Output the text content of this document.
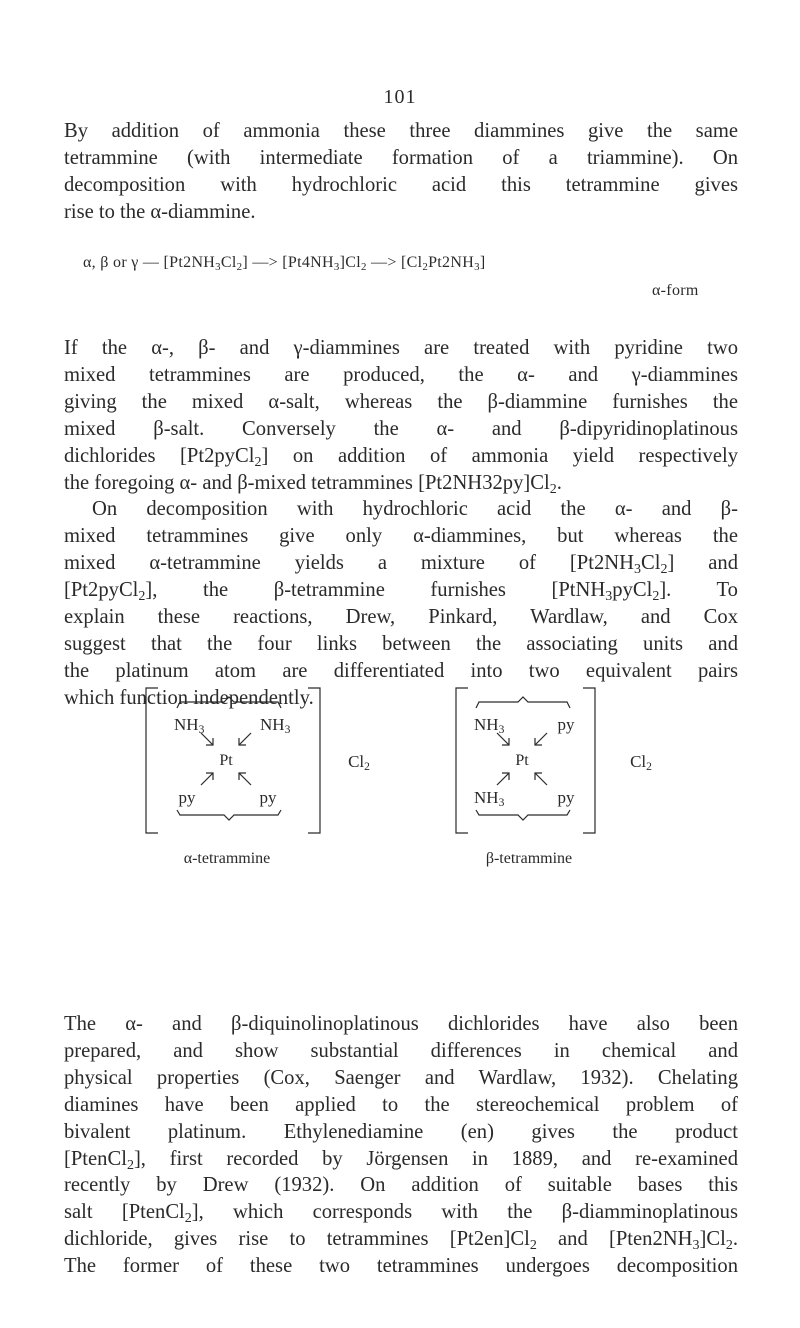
101
By addition of ammonia these three diammines give the same
tetrammine (with intermediate formation of a triammine). On
decomposition with hydrochloric acid this tetrammine gives
rise to the α-diammine.
α, β or γ — $[Pt2NH_3Cl_2]$ —> $[Pt4NH_3]Cl_2$ —> $[Cl_2Pt2NH_3]$
α-form
If the α-, β- and γ-diammines are treated with pyridine two
mixed tetrammines are produced, the α- and γ-diammines
giving the mixed α-salt, whereas the β-diammine furnishes the
mixed β-salt. Conversely the α- and β-dipyridinoplatinous
dichlorides [Pt2pyCl$_2$] on addition of ammonia yield respectively
the foregoing α- and β-mixed tetrammines $[Pt2NH32py]Cl_2$.
On decomposition with hydrochloric acid the α- and β-
mixed tetrammines give only α-diammines, but whereas the
mixed α-tetrammine yields a mixture of $[Pt2NH_3Cl_2]$ and
[Pt2pyCl$_2$], the β-tetrammine furnishes [PtNH$_3$pyCl$_2$]. To
explain these reactions, Drew, Pinkard, Wardlaw, and Cox
suggest that the four links between the associating units and
the platinum atom are differentiated into two equivalent pairs
which function independently.
NH3	NH3
Pt
py	py
Cl2
α-tetrammine
NH3	py
Pt
NH3	py
Cl2
β-tetrammine
The α- and β-diquinolinoplatinous dichlorides have also been
prepared, and show substantial differences in chemical and
physical properties (Cox, Saenger and Wardlaw, 1932). Chelating
diamines have been applied to the stereochemical problem of
bivalent platinum. Ethylenediamine (en) gives the product
[PtenCl$_2$], first recorded by Jörgensen in 1889, and re-examined
recently by Drew (1932). On addition of suitable bases this
salt [PtenCl$_2$], which corresponds with the β-diamminoplatinous
dichloride, gives rise to tetrammines $[Pt2en]Cl_2$ and $[Pten2NH_3]Cl_2$.
The former of these two tetrammines undergoes decomposition
